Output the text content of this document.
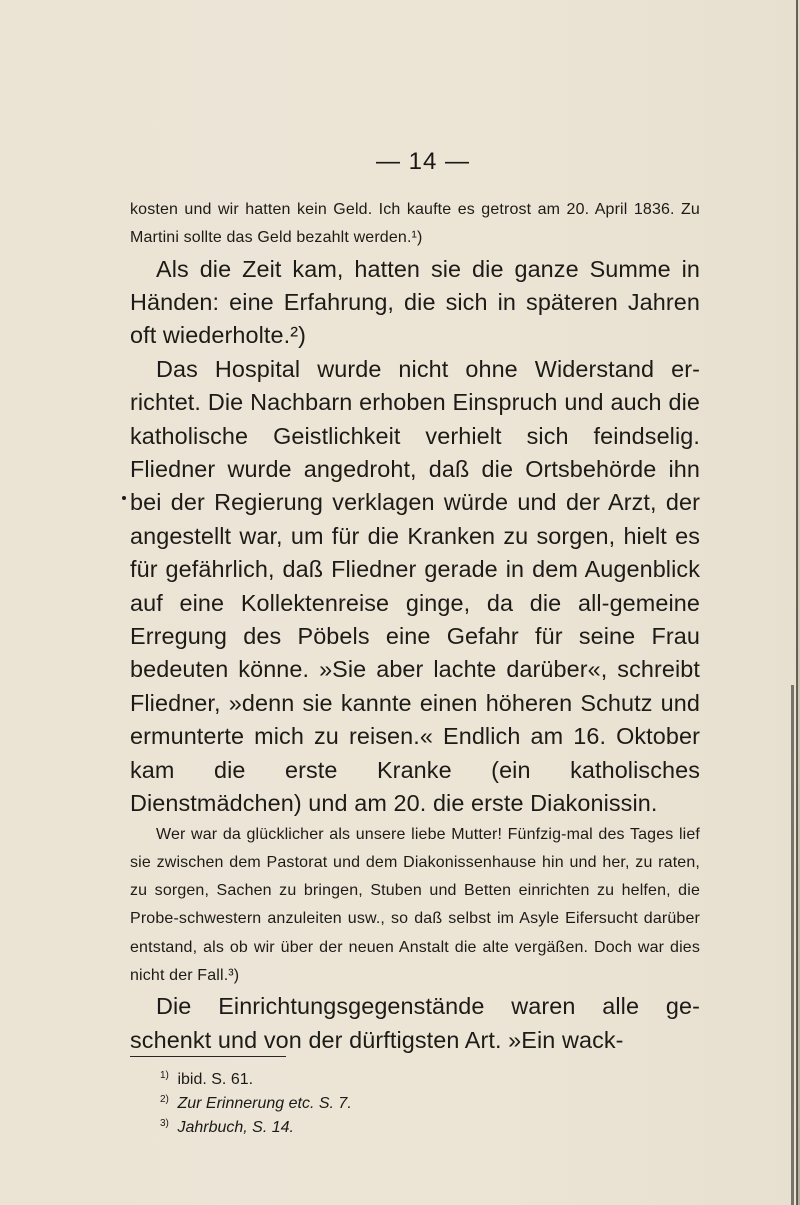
— 14 —

kosten und wir hatten kein Geld. Ich kaufte es getrost am 20. April 1836. Zu Martini sollte das Geld bezahlt werden.¹)

Als die Zeit kam, hatten sie die ganze Summe in Händen: eine Erfahrung, die sich in späteren Jahren oft wiederholte.²)

Das Hospital wurde nicht ohne Widerstand er-richtet. Die Nachbarn erhoben Einspruch und auch die katholische Geistlichkeit verhielt sich feindselig. Fliedner wurde angedroht, daß die Ortsbehörde ihn bei der Regierung verklagen würde und der Arzt, der angestellt war, um für die Kranken zu sorgen, hielt es für gefährlich, daß Fliedner gerade in dem Augenblick auf eine Kollektenreise ginge, da die all-gemeine Erregung des Pöbels eine Gefahr für seine Frau bedeuten könne. »Sie aber lachte darüber«, schreibt Fliedner, »denn sie kannte einen höheren Schutz und ermunterte mich zu reisen.« Endlich am 16. Oktober kam die erste Kranke (ein katholisches Dienstmädchen) und am 20. die erste Diakonissin.

Wer war da glücklicher als unsere liebe Mutter! Fünfzig-mal des Tages lief sie zwischen dem Pastorat und dem Diakonissenhause hin und her, zu raten, zu sorgen, Sachen zu bringen, Stuben und Betten einrichten zu helfen, die Probe-schwestern anzuleiten usw., so daß selbst im Asyle Eifersucht darüber entstand, als ob wir über der neuen Anstalt die alte vergäßen. Doch war dies nicht der Fall.³)

Die Einrichtungsgegenstände waren alle ge-schenkt und von der dürftigsten Art. »Ein wack-

1) ibid. S. 61.
2) Zur Erinnerung etc. S. 7.
3) Jahrbuch, S. 14.
